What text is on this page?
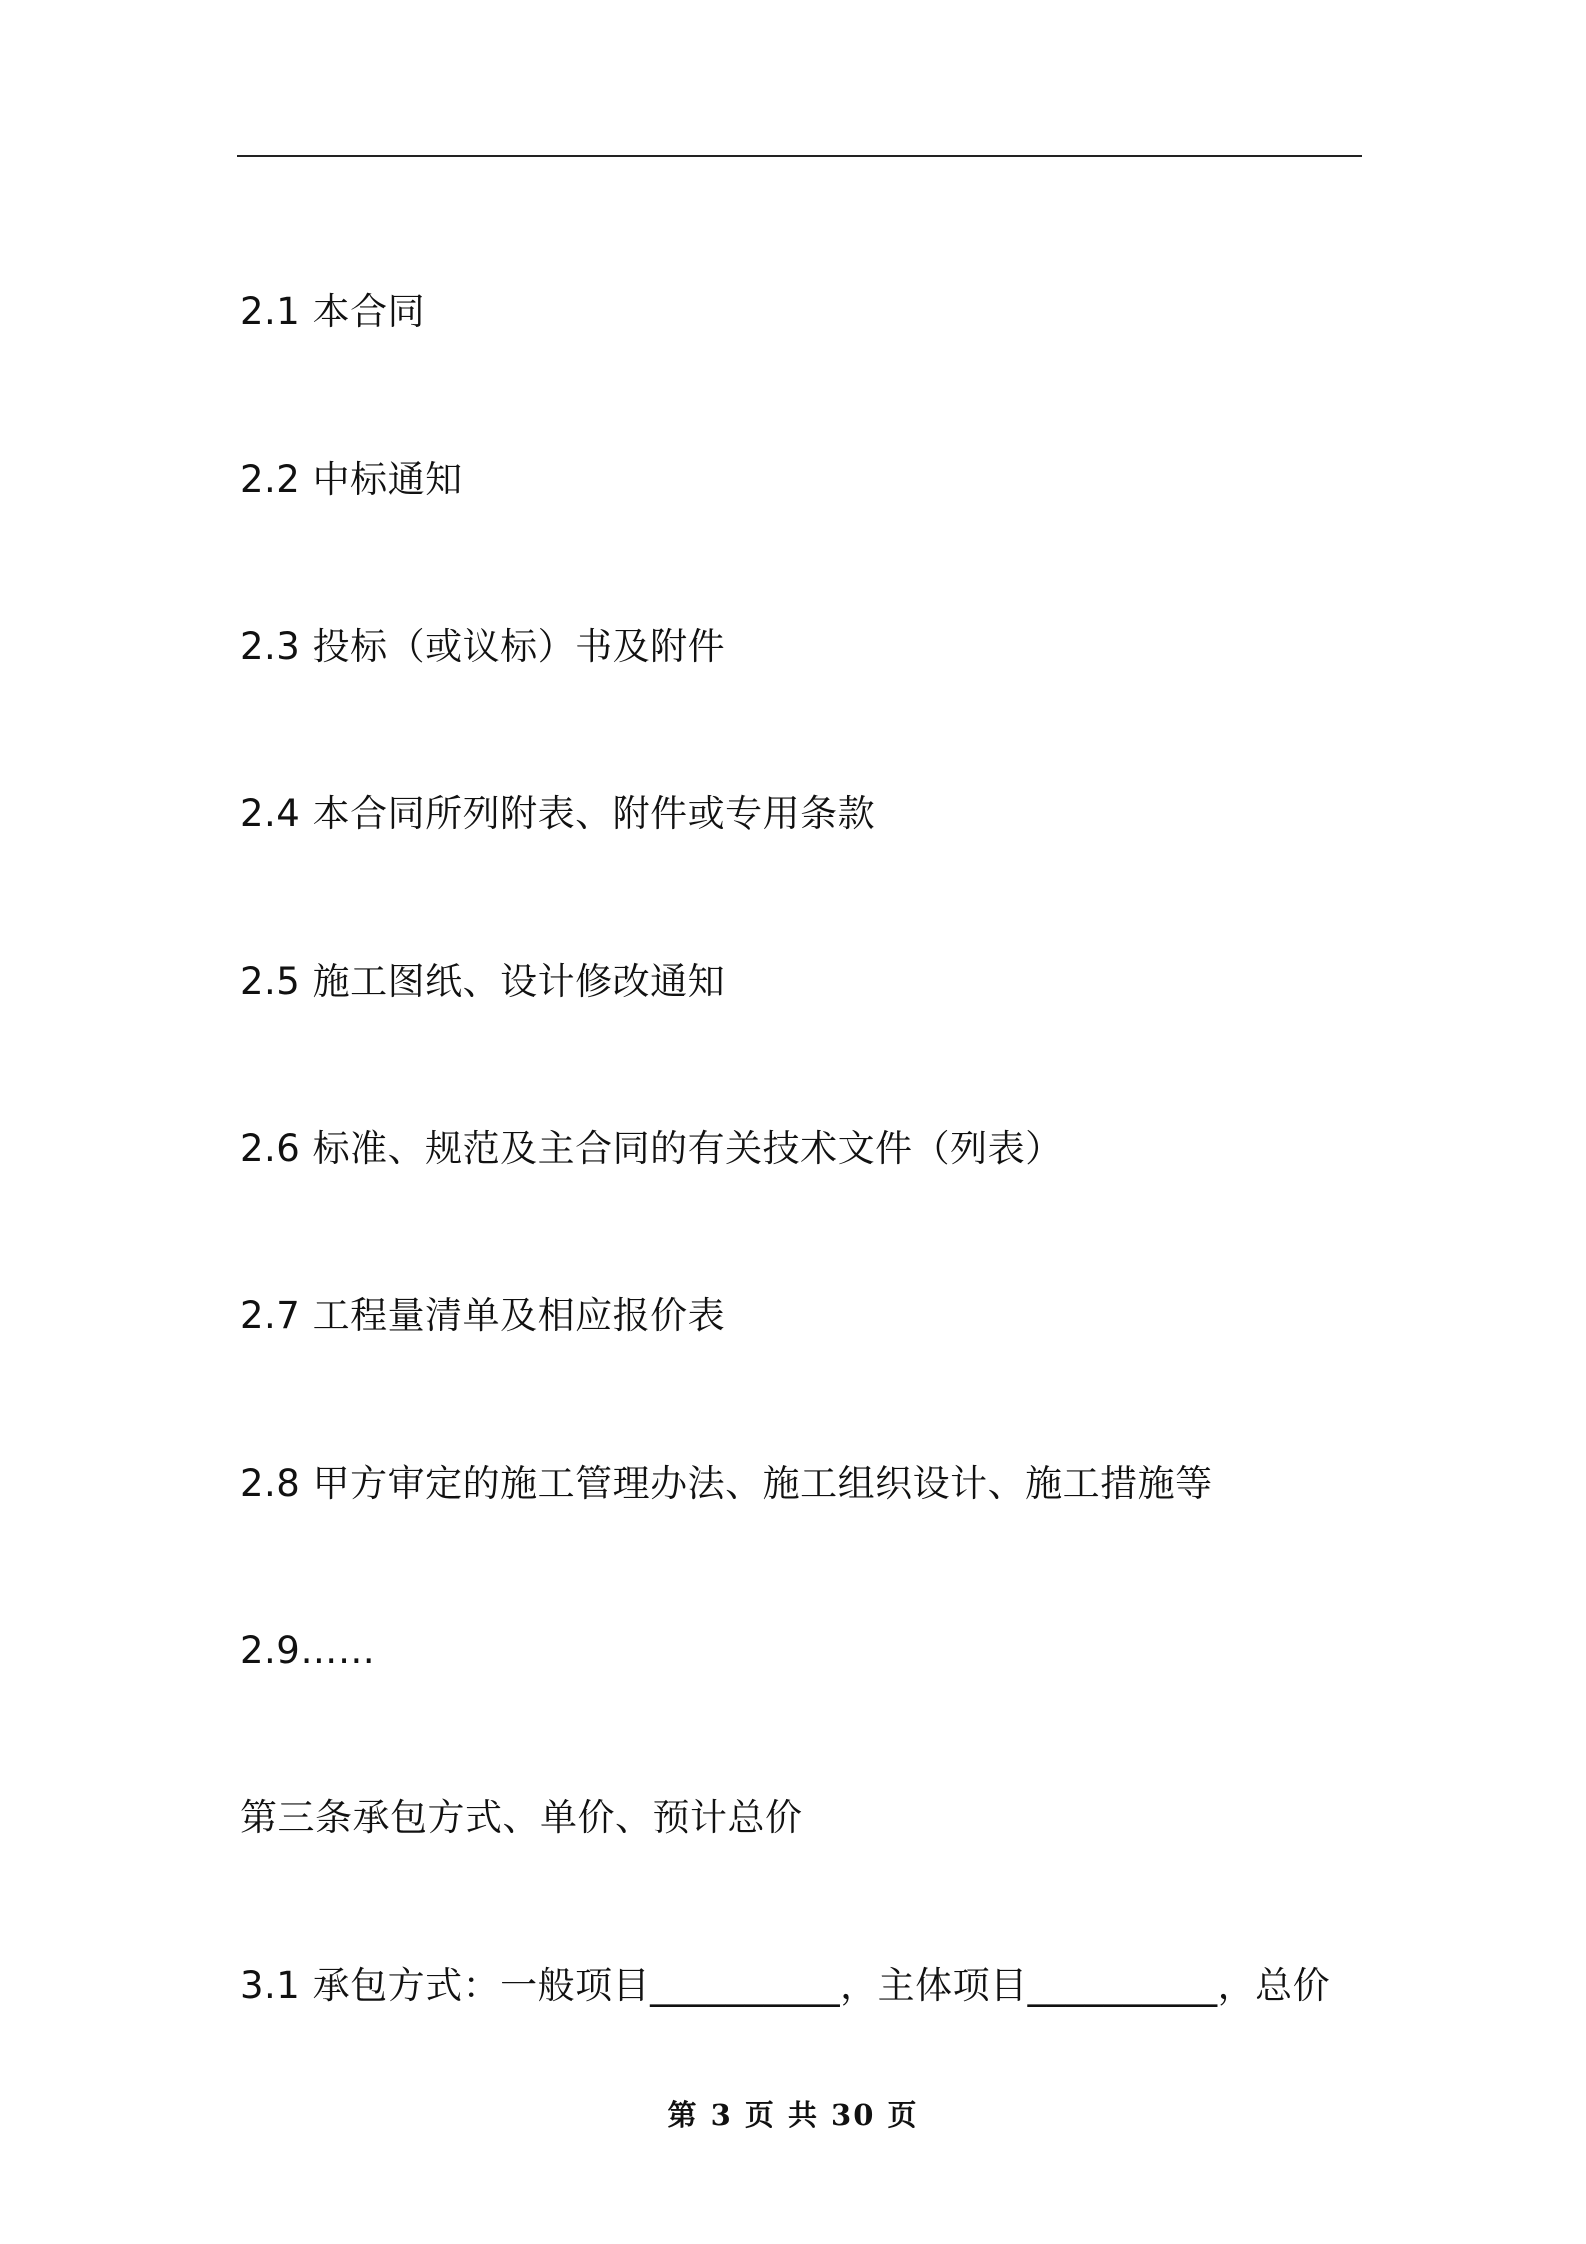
2.1 本合同
2.2 中标通知
2.3 投标（或议标）书及附件
2.4 本合同所列附表、附件或专用条款
2.5 施工图纸、设计修改通知
2.6 标准、规范及主合同的有关技术文件（列表）
2.7 工程量清单及相应报价表
2.8 甲方审定的施工管理办法、施工组织设计、施工措施等
2.9……
第三条承包方式、单价、预计总价
3.1 承包方式：一般项目__________，主体项目__________，总价
第 3 页 共 30 页
